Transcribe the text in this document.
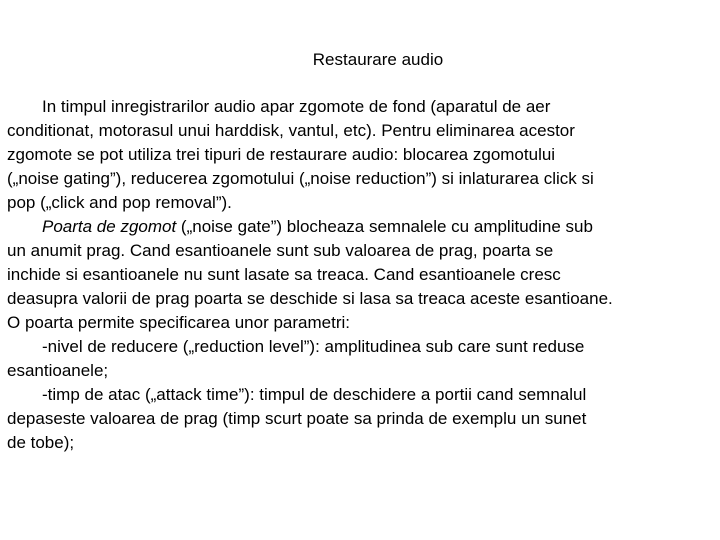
Restaurare audio
In timpul inregistrarilor audio apar zgomote de fond (aparatul de aer
conditionat, motorasul unui harddisk, vantul, etc). Pentru eliminarea acestor
zgomote se pot utiliza trei tipuri de restaurare audio: blocarea zgomotului
(„noise gating”), reducerea zgomotului („noise reduction”) si inlaturarea click si
pop („click and pop removal”).
Poarta de zgomot („noise gate”) blocheaza semnalele cu amplitudine sub
un anumit prag. Cand esantioanele sunt sub valoarea de prag, poarta se
inchide si esantioanele nu sunt lasate sa treaca. Cand esantioanele cresc
deasupra valorii de prag poarta se deschide si lasa sa treaca aceste esantioane.
O poarta permite specificarea unor parametri:
-nivel de reducere („reduction level”): amplitudinea sub care sunt reduse
esantioanele;
-timp de atac („attack time”): timpul de deschidere a portii cand semnalul
depaseste valoarea de prag (timp scurt poate sa prinda de exemplu un sunet
de tobe);
